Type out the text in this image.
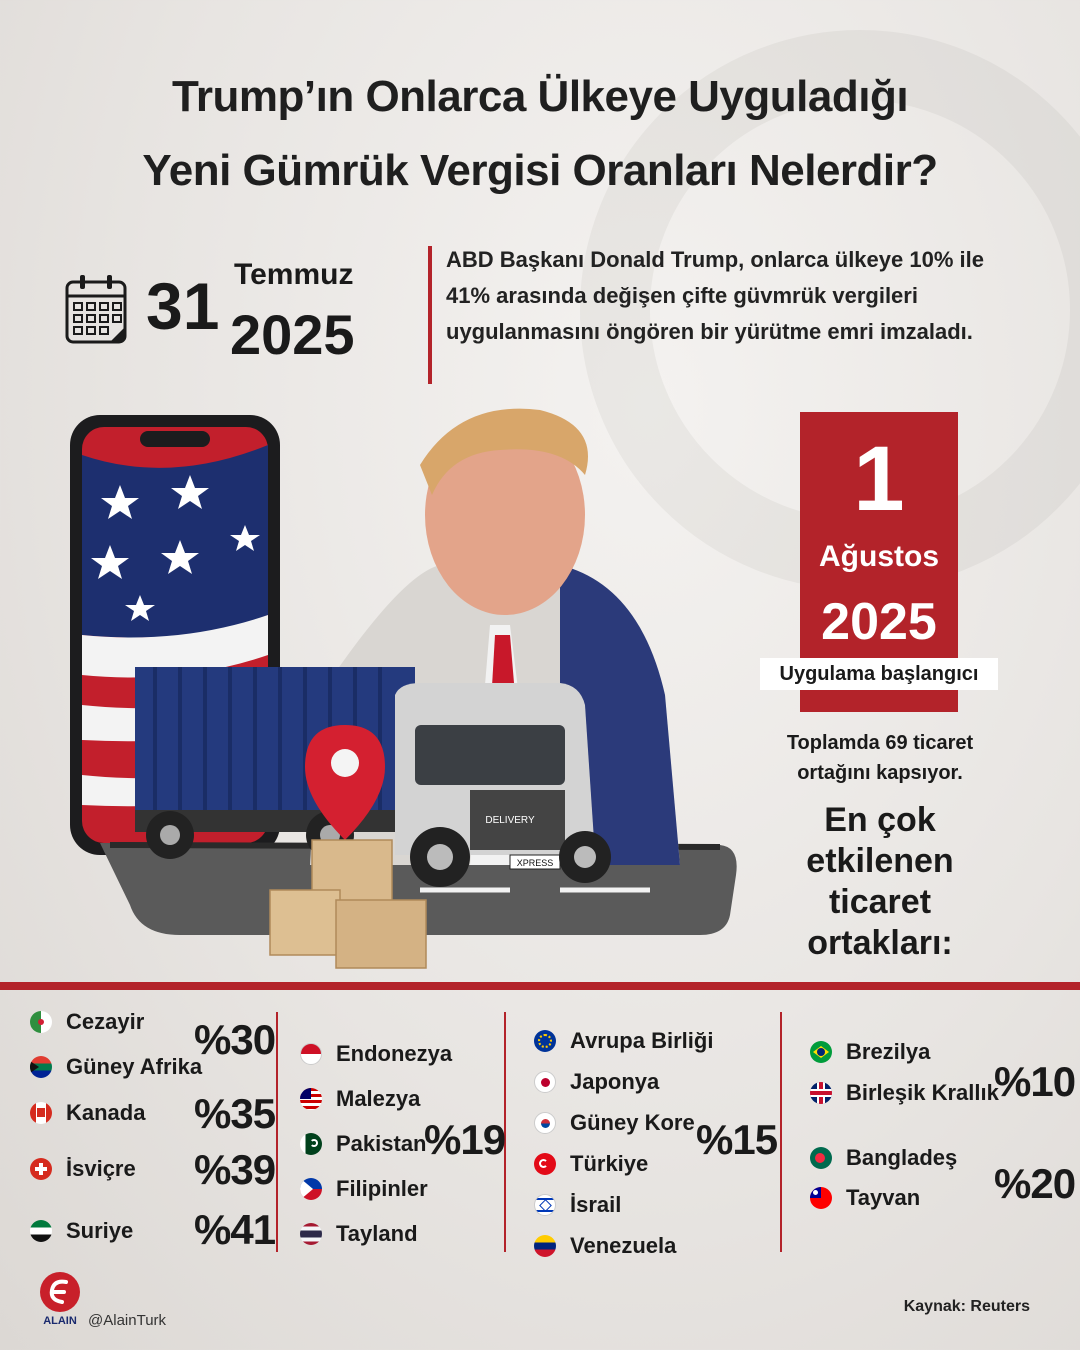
Trump’ın Onlarca Ülkeye Uyguladığı
Yeni Gümrük Vergisi Oranları Nelerdir?
31 Temmuz
2025
ABD Başkanı Donald Trump, onlarca ülkeye 10% ile 41% arasında değişen çifte güvmrük vergileri uygulanmasını öngören bir yürütme emri imzaladı.
DELIVERY
XPRESS
1
Ağustos
2025
Uygulama başlangıcı
Toplamda 69 ticaret ortağını kapsıyor.
En çok
etkilenen
ticaret
ortakları:
Cezayir
Güney Afrika
%30
Kanada %35
İsviçre %39
Suriye %41
Endonezya
Malezya
Pakistan
Filipinler
Tayland
%19
Avrupa Birliği
Japonya
Güney Kore
Türkiye
İsrail
Venezuela
%15
Brezilya
Birleşik Krallık
%10
Bangladeş
Tayvan %20
ALAIN @AlainTurk
Kaynak: Reuters
